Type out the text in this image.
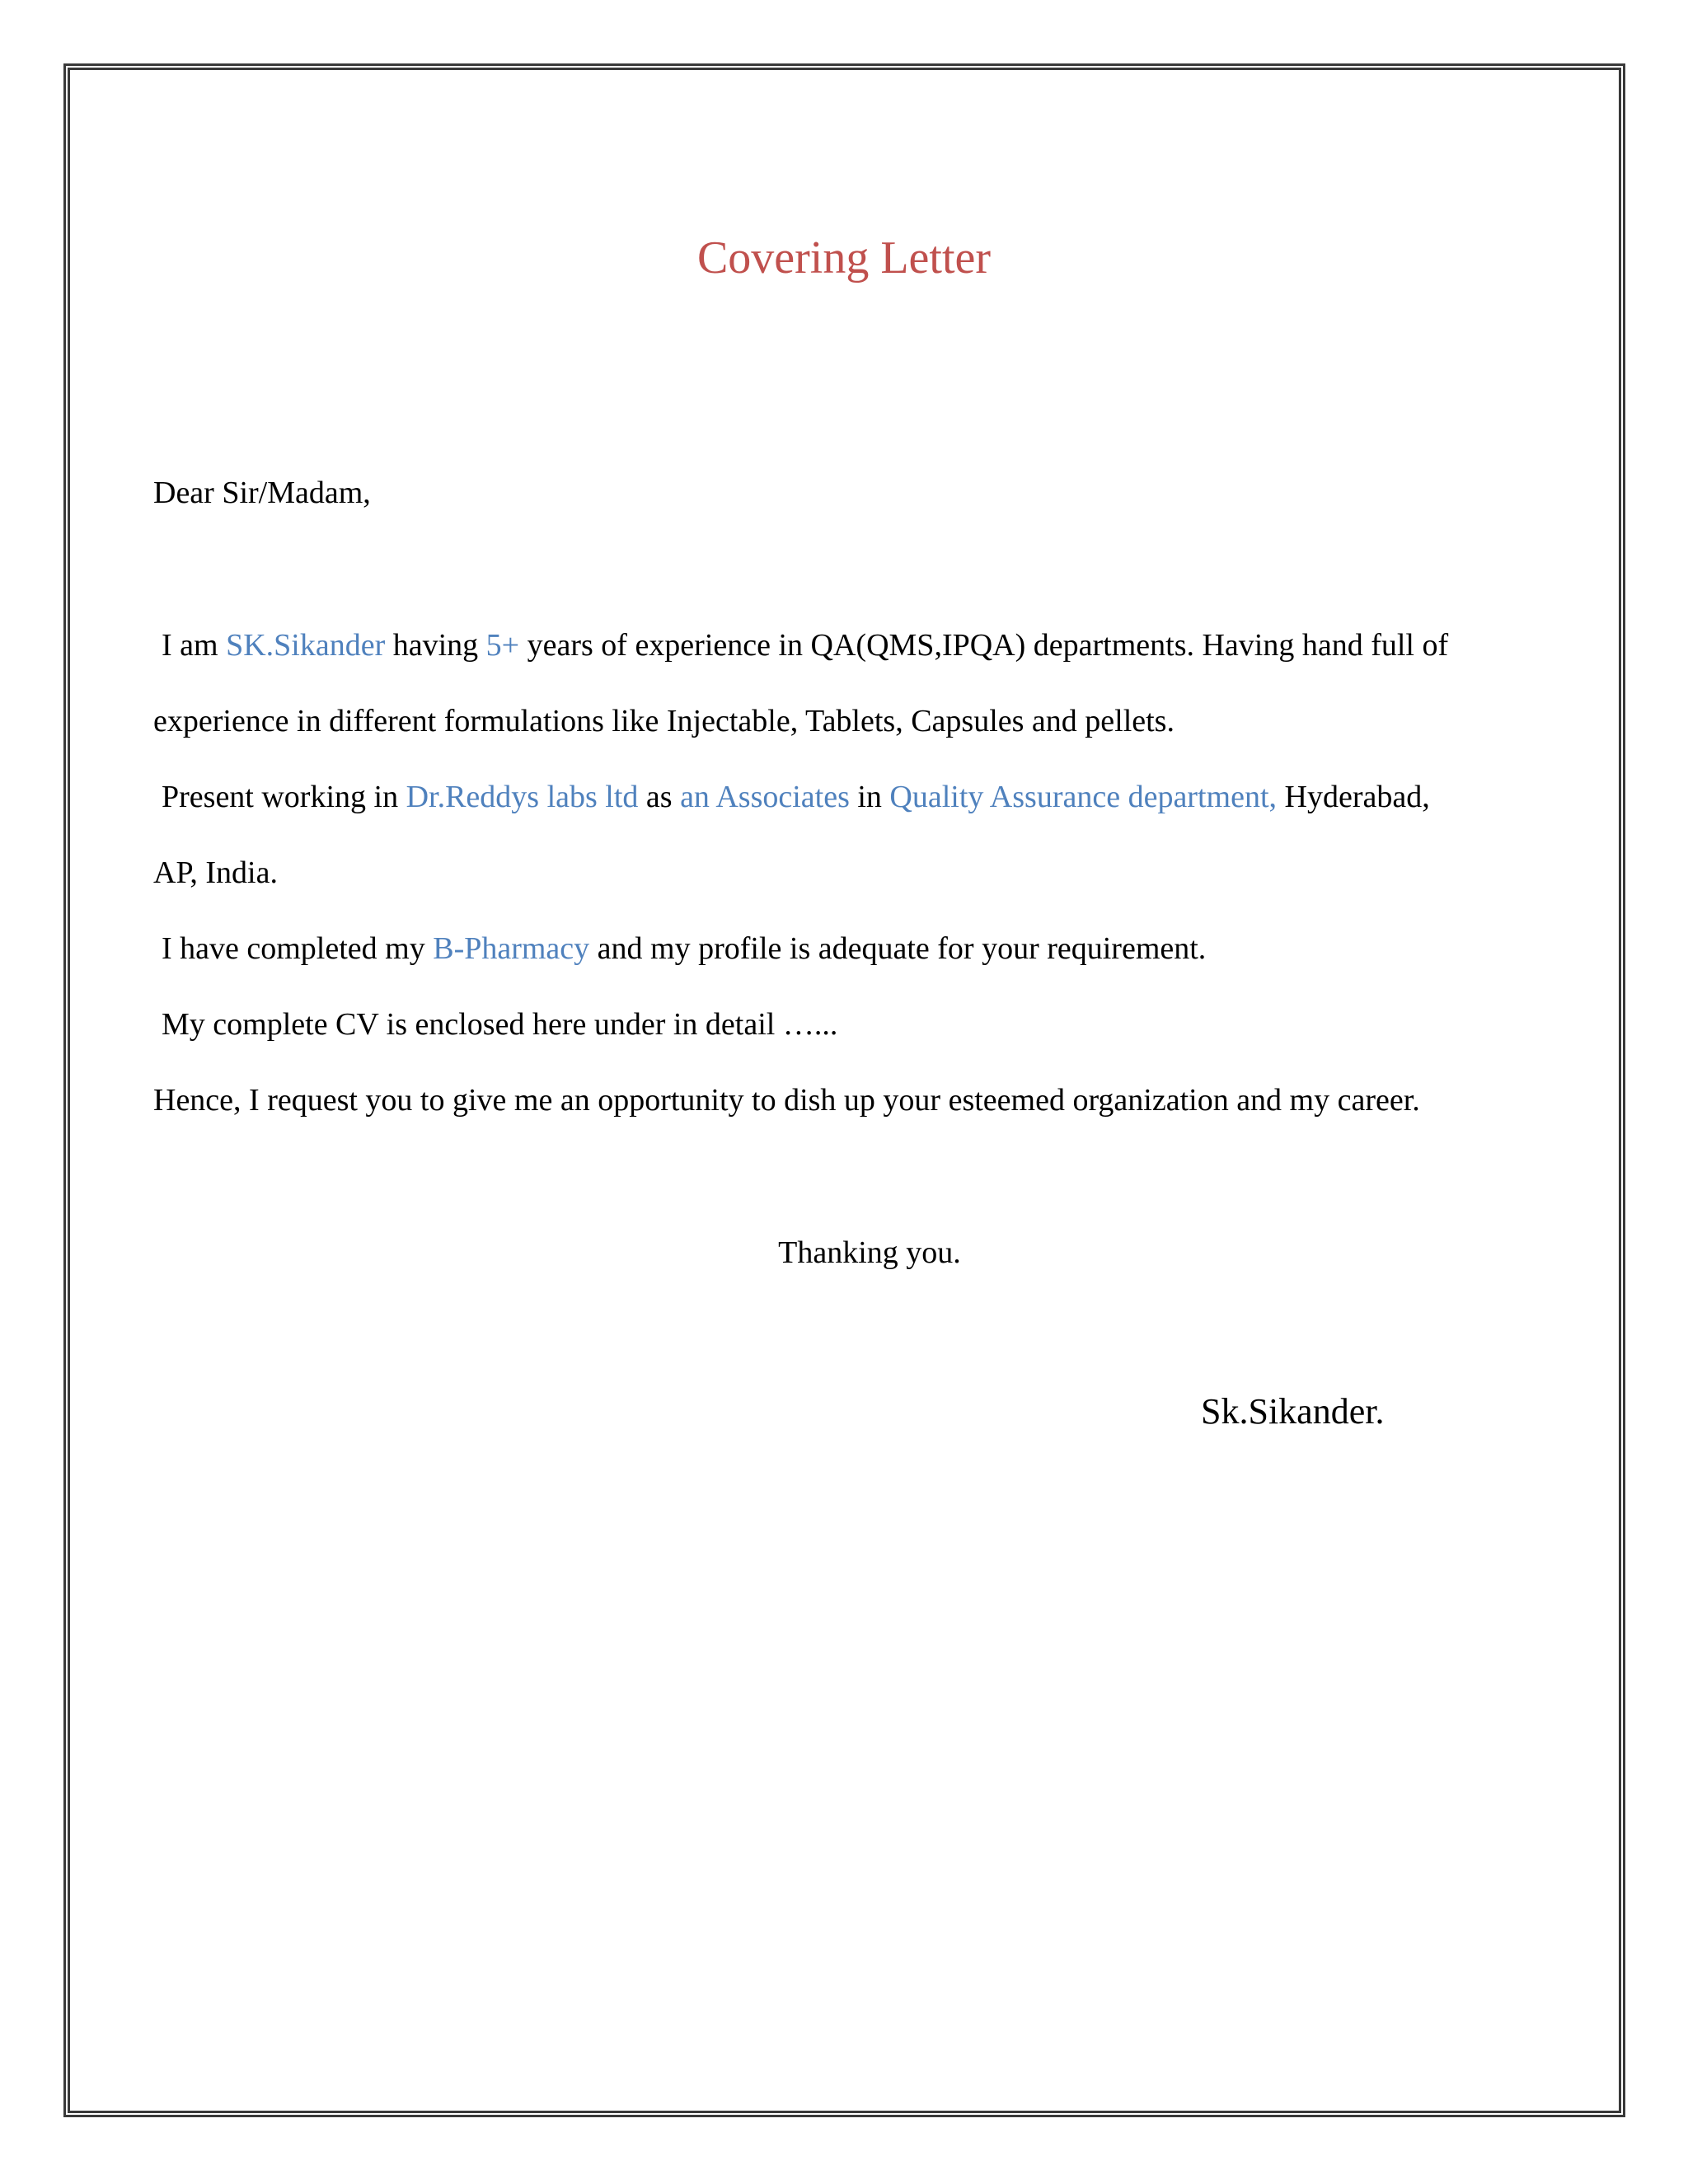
Covering Letter
Dear Sir/Madam,
I am SK.Sikander having 5+ years of experience in QA(QMS,IPQA) departments. Having hand full of
experience in different formulations like Injectable, Tablets, Capsules and pellets.
Present working in Dr.Reddys labs ltd as an Associates in Quality Assurance department, Hyderabad,
AP, India.
I have completed my B-Pharmacy and my profile is adequate for your requirement.
My complete CV is enclosed here under in detail …...
Hence, I request you to give me an opportunity to dish up your esteemed organization and my career.
Thanking you.
Sk.Sikander.
